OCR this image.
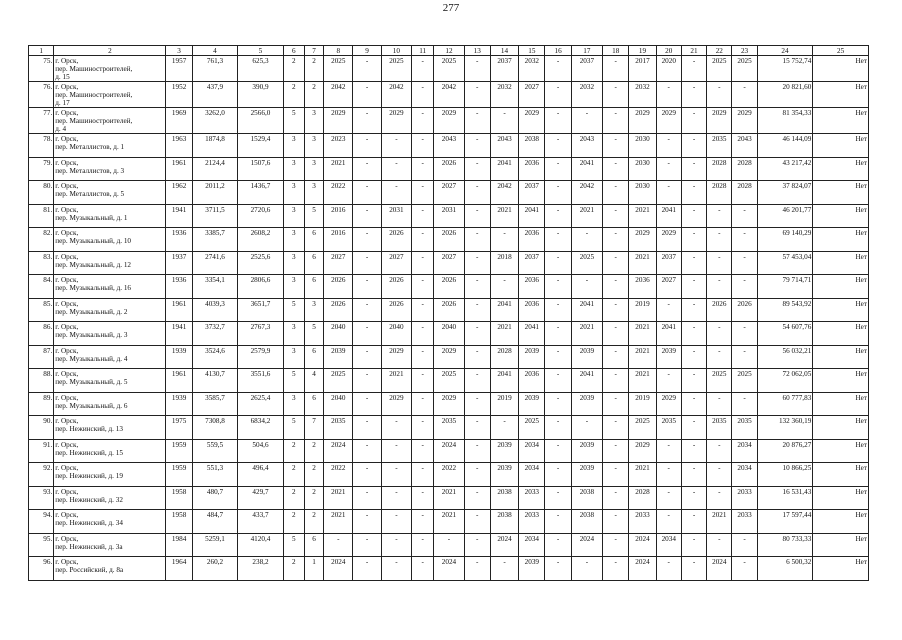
277
1	2	3	4	5	6	7	8	9	10	11	12	13	14	15	16	17	18	19	20	21	22	23	24	25
75.	г. Орск,
пер. Машиностроителей,
д. 15	1957	761,3	625,3	2	2	2025	-	2025	-	2025	-	2037	2032	-	2037	-	2017	2020	-	2025	2025	15 752,74	Нет
76.	г. Орск,
пер. Машиностроителей,
д. 17	1952	437,9	390,9	2	2	2042	-	2042	-	2042	-	2032	2027	-	2032	-	2032	-	-	-	-	20 821,60	Нет
77.	г. Орск,
пер. Машиностроителей,
д. 4	1969	3262,0	2566,0	5	3	2029	-	2029	-	2029	-	-	2029	-	-	-	2029	2029	-	2029	2029	81 354,33	Нет
78.	г. Орск,
пер. Металлистов, д. 1	1963	1874,8	1529,4	3	3	2023	-	-	-	2043	-	2043	2038	-	2043	-	2030	-	-	2035	2043	46 144,09	Нет
79.	г. Орск,
пер. Металлистов, д. 3	1961	2124,4	1507,6	3	3	2021	-	-	-	2026	-	2041	2036	-	2041	-	2030	-	-	2028	2028	43 217,42	Нет
80.	г. Орск,
пер. Металлистов, д. 5	1962	2011,2	1436,7	3	3	2022	-	-	-	2027	-	2042	2037	-	2042	-	2030	-	-	2028	2028	37 824,07	Нет
81.	г. Орск,
пер. Музыкальный, д. 1	1941	3711,5	2720,6	3	5	2016	-	2031	-	2031	-	2021	2041	-	2021	-	2021	2041	-	-	-	46 201,77	Нет
82.	г. Орск,
пер. Музыкальный, д. 10	1936	3385,7	2608,2	3	6	2016	-	2026	-	2026	-	-	2036	-	-	-	2029	2029	-	-	-	69 140,29	Нет
83.	г. Орск,
пер. Музыкальный, д. 12	1937	2741,6	2525,6	3	6	2027	-	2027	-	2027	-	2018	2037	-	2025	-	2021	2037	-	-	-	57 453,04	Нет
84.	г. Орск,
пер. Музыкальный, д. 16	1936	3354,1	2806,6	3	6	2026	-	2026	-	2026	-	-	2036	-	-	-	2036	2027	-	-	-	79 714,71	Нет
85.	г. Орск,
пер. Музыкальный, д. 2	1961	4039,3	3651,7	5	3	2026	-	2026	-	2026	-	2041	2036	-	2041	-	2019	-	-	2026	2026	89 543,92	Нет
86.	г. Орск,
пер. Музыкальный, д. 3	1941	3732,7	2767,3	3	5	2040	-	2040	-	2040	-	2021	2041	-	2021	-	2021	2041	-	-	-	54 607,76	Нет
87.	г. Орск,
пер. Музыкальный, д. 4	1939	3524,6	2579,9	3	6	2039	-	2029	-	2029	-	2028	2039	-	2039	-	2021	2039	-	-	-	56 032,21	Нет
88.	г. Орск,
пер. Музыкальный, д. 5	1961	4130,7	3551,6	5	4	2025	-	2021	-	2025	-	2041	2036	-	2041	-	2021	-	-	2025	2025	72 062,05	Нет
89.	г. Орск,
пер. Музыкальный, д. 6	1939	3585,7	2625,4	3	6	2040	-	2029	-	2029	-	2019	2039	-	2039	-	2019	2029	-	-	-	60 777,83	Нет
90.	г. Орск,
пер. Нежинский, д. 13	1975	7308,8	6834,2	5	7	2035	-	-	-	2035	-	-	2025	-	-	-	2025	2035	-	2035	2035	132 360,19	Нет
91.	г. Орск,
пер. Нежинский, д. 15	1959	559,5	504,6	2	2	2024	-	-	-	2024	-	2039	2034	-	2039	-	2029	-	-	-	2034	20 876,27	Нет
92.	г. Орск,
пер. Нежинский, д. 19	1959	551,3	496,4	2	2	2022	-	-	-	2022	-	2039	2034	-	2039	-	2021	-	-	-	2034	10 866,25	Нет
93.	г. Орск,
пер. Нежинский, д. 32	1958	480,7	429,7	2	2	2021	-	-	-	2021	-	2038	2033	-	2038	-	2028	-	-	-	2033	16 531,43	Нет
94.	г. Орск,
пер. Нежинский, д. 34	1958	484,7	433,7	2	2	2021	-	-	-	2021	-	2038	2033	-	2038	-	2033	-	-	2021	2033	17 597,44	Нет
95.	г. Орск,
пер. Нежинский, д. 3а	1984	5259,1	4120,4	5	6	-	-	-	-	-	-	2024	2034	-	2024	-	2024	2034	-	-	-	80 733,33	Нет
96.	г. Орск,
пер. Российский, д. 8а	1964	260,2	238,2	2	1	2024	-	-	-	2024	-	-	2039	-	-	-	2024	-	-	2024	-	6 500,32	Нет
